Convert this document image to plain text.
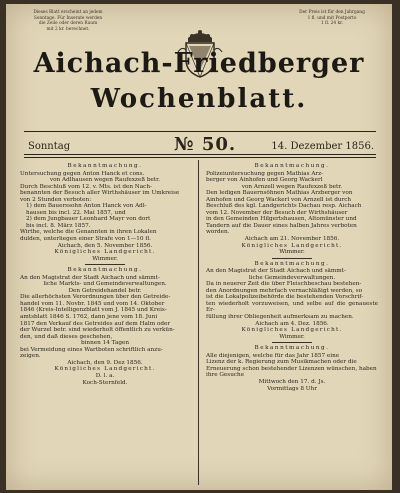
Dieses Blatt erscheint an jedem
Sonntage. Für Inserate werden
die Zeile oder deren Raum
mit 2 kr. berechnet.
Der Preis ist für den Jahrgang
1 fl. und mit Postporto
1 fl. 24 kr.
Aichach-Friedberger
Wochenblatt.
Sonntag	№ 50.	14. Dezember 1856.

Bekanntmachung.

Untersuchung gegen Anton Hanck et cons.

von Adlhausen wegen Raufexzeß betr.

Durch Beschluß vom 12. v. Mts. ist den Nach-

benannten der Besuch aller Wirthshäuser im Umkreise

von 2 Stunden verboten:

1) dem Bauerssohn Anton Hanck von Adl-

hausen bis incl. 22. Mai 1857, und

2) dem Jungbauer Leonhard Mayr von dort

bis incl. 8. März 1857.

Wirthe, welche die Genannten in ihren Lokalen

dulden, unterliegen einer Strafe von 1—10 fl.

Aichach, den 5. November 1856.

Königliches Landgericht.

Wimmer.

Bekanntmachung.

An den Magistrat der Stadt Aichach und sämmt-

liche Markts- und Gemeindeverwaltungen.

Den Getreidehandel betr.

Die allerhöchsten Verordnungen über den Getreide-

handel vom 11. Novbr. 1845 und vom 14. Oktober

1846 (Kreis-Intelligenzblatt vom J. 1845 und Kreis-

amtsblatt 1846 S. 1762, dann jene vom 18. Juni

1817 den Verkauf des Getreides auf dem Halm oder

der Wurzel betr. sind wiederholt öffentlich zu verkün-

den, und daß dieses geschehen,

binnen 14 Tagen

bei Vermeidung eines Wartboten schriftlich anzu-

zeigen.

Aichach, den 9. Dez 1856.

Königliches Landgericht.

D. l. a.

Koch-Sternfeld.

Bekanntmachung.

Polizeiuntersuchung gegen Mathias Arz-

berger von Ainhofen und Georg Wackerl

von Arnzell wegen Raufexzeß betr.

Den ledigen Bauernsöhnen Mathias Arzberger von

Ainhofen und Georg Wackerl von Arnzell ist durch

Beschluß des kgl. Landgerichts Dachau resp. Aichach

vom 12. November der Besuch der Wirthshäuser

in den Gemeinden Hilgertshausen, Altomünster und

Tandern auf die Dauer eines halben Jahres verboten

worden.

Aichach am 21. November 1856.

Königliches Landgericht.

Wimmer.

Bekanntmachung.

An den Magistrat der Stadt Aichach und sämmt-

liche Gemeindeverwaltungen.

Da in neuerer Zeit die über Fleischbeschau bestehen-

den Anordnungen mehrfach vernachläßigt werden, so

ist die Lokalpolizeibehörde die bestehenden Vorschrif-

ten wiederholt vorzuweisen, und selbe auf die genaueste Er-

füllung ihrer Obliegenheit aufmerksam zu machen.

Aichach am 4. Dez. 1856.

Königliches Landgericht.

Wimmer.

Bekanntmachung.

Alle diejenigen, welche für das Jahr 1857 eine

Lizenz der k. Regierung zum Musikmachen oder die

Erneuerung schon bestehender Lizenzen wünschen, haben

ihre Gesuche

Mittwoch den 17. d. Js.

Vormittags 8 Uhr
